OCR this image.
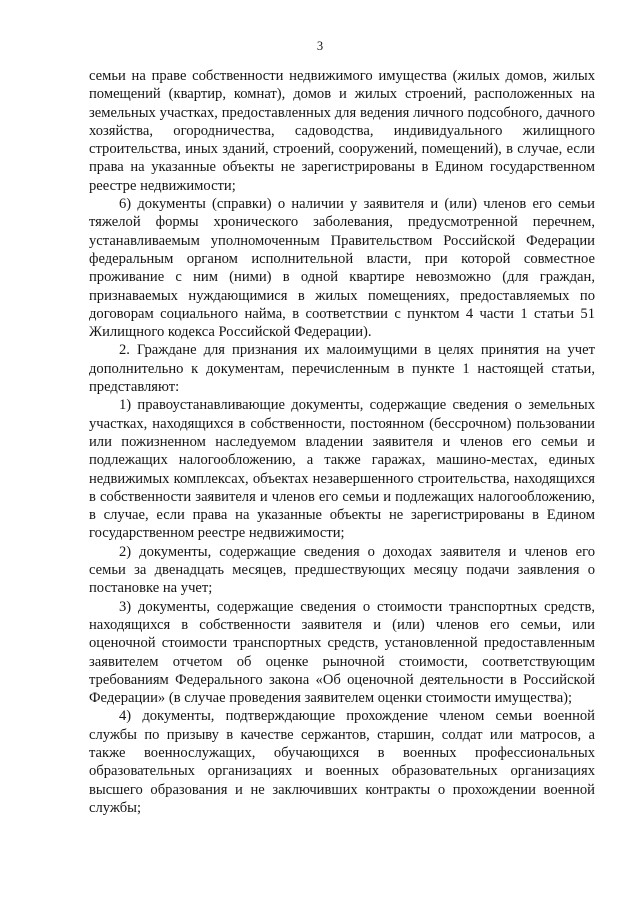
3

семьи на праве собственности недвижимого имущества (жилых домов, жилых помещений (квартир, комнат), домов и жилых строений, расположенных на земельных участках, предоставленных для ведения личного подсобного, дачного хозяйства, огородничества, садоводства, индивидуального жилищного строительства, иных зданий, строений, сооружений, помещений), в случае, если права на указанные объекты не зарегистрированы в Едином государственном реестре недвижимости;

6) документы (справки) о наличии у заявителя и (или) членов его семьи тяжелой формы хронического заболевания, предусмотренной перечнем, устанавливаемым уполномоченным Правительством Российской Федерации федеральным органом исполнительной власти, при которой совместное проживание с ним (ними) в одной квартире невозможно (для граждан, признаваемых нуждающимися в жилых помещениях, предоставляемых по договорам социального найма, в соответствии с пунктом 4 части 1 статьи 51 Жилищного кодекса Российской Федерации).

2. Граждане для признания их малоимущими в целях принятия на учет дополнительно к документам, перечисленным в пункте 1 настоящей статьи, представляют:

1) правоустанавливающие документы, содержащие сведения о земельных участках, находящихся в собственности, постоянном (бессрочном) пользовании или пожизненном наследуемом владении заявителя и членов его семьи и подлежащих налогообложению, а также гаражах, машино-местах, единых недвижимых комплексах, объектах незавершенного строительства, находящихся в собственности заявителя и членов его семьи и подлежащих налогообложению, в случае, если права на указанные объекты не зарегистрированы в Едином государственном реестре недвижимости;

2) документы, содержащие сведения о доходах заявителя и членов его семьи за двенадцать месяцев, предшествующих месяцу подачи заявления о постановке на учет;

3) документы, содержащие сведения о стоимости транспортных средств, находящихся в собственности заявителя и (или) членов его семьи, или оценочной стоимости транспортных средств, установленной предоставленным заявителем отчетом об оценке рыночной стоимости, соответствующим требованиям Федерального закона «Об оценочной деятельности в Российской Федерации» (в случае проведения заявителем оценки стоимости имущества);

4) документы, подтверждающие прохождение членом семьи военной службы по призыву в качестве сержантов, старшин, солдат или матросов, а также военнослужащих, обучающихся в военных профессиональных образовательных организациях и военных образовательных организациях высшего образования и не заключивших контракты о прохождении военной службы;
